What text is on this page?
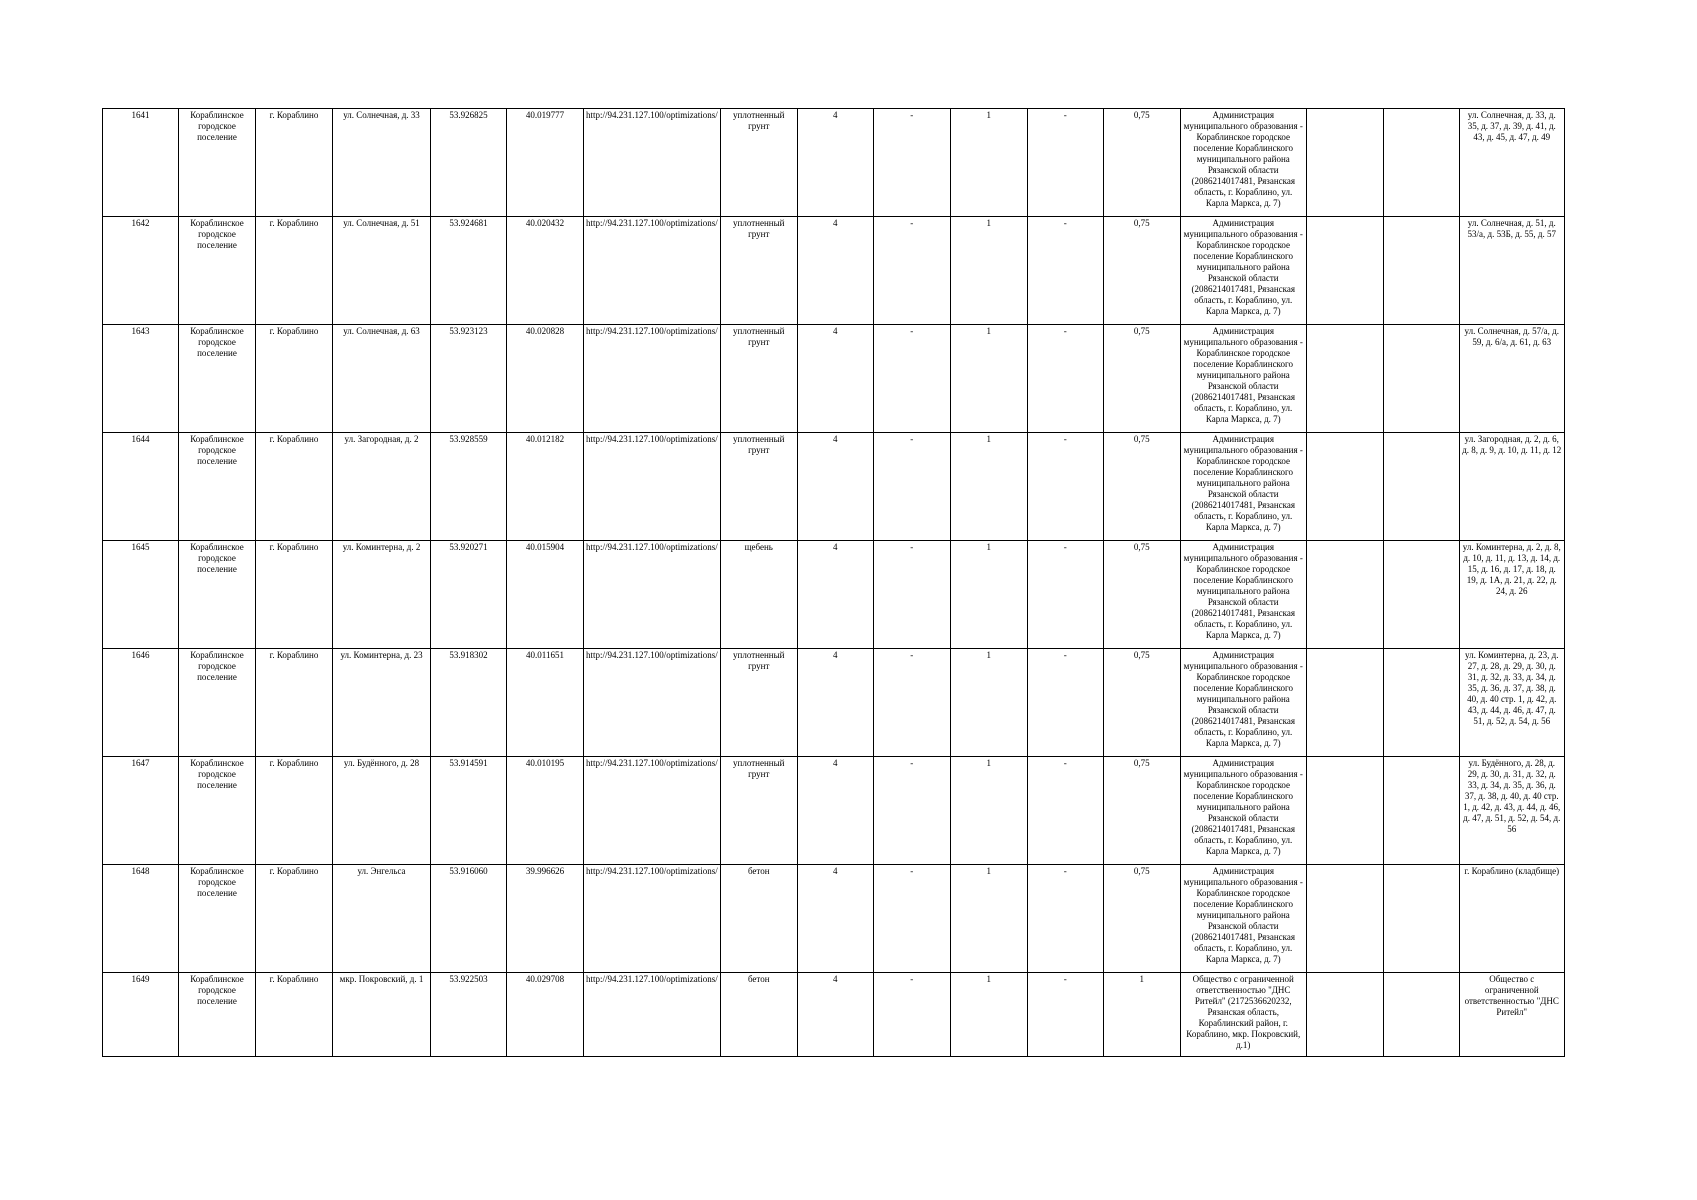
1641	Кораблинское городское поселение	г. Кораблино	ул. Солнечная, д. 33	53.926825	40.019777	http://94.231.127.100/optimizations/	уплотненный грунт	4	-	1	-	0,75	Администрация муниципального образования - Кораблинское городское поселение Кораблинского муниципального района Рязанской области (2086214017481, Рязанская область, г. Кораблино, ул. Карла Маркса, д. 7)			ул. Солнечная, д. 33, д. 35, д. 37, д. 39, д. 41, д. 43, д. 45, д. 47, д. 49
1642	Кораблинское городское поселение	г. Кораблино	ул. Солнечная, д. 51	53.924681	40.020432	http://94.231.127.100/optimizations/	уплотненный грунт	4	-	1	-	0,75	Администрация муниципального образования - Кораблинское городское поселение Кораблинского муниципального района Рязанской области (2086214017481, Рязанская область, г. Кораблино, ул. Карла Маркса, д. 7)			ул. Солнечная, д. 51, д. 53/а, д. 53Б, д. 55, д. 57
1643	Кораблинское городское поселение	г. Кораблино	ул. Солнечная, д. 63	53.923123	40.020828	http://94.231.127.100/optimizations/	уплотненный грунт	4	-	1	-	0,75	Администрация муниципального образования - Кораблинское городское поселение Кораблинского муниципального района Рязанской области (2086214017481, Рязанская область, г. Кораблино, ул. Карла Маркса, д. 7)			ул. Солнечная, д. 57/а, д. 59, д. 6/а, д. 61, д. 63
1644	Кораблинское городское поселение	г. Кораблино	ул. Загородная, д. 2	53.928559	40.012182	http://94.231.127.100/optimizations/	уплотненный грунт	4	-	1	-	0,75	Администрация муниципального образования - Кораблинское городское поселение Кораблинского муниципального района Рязанской области (2086214017481, Рязанская область, г. Кораблино, ул. Карла Маркса, д. 7)			ул. Загородная, д. 2, д. 6, д. 8, д. 9, д. 10, д. 11, д. 12
1645	Кораблинское городское поселение	г. Кораблино	ул. Коминтерна, д. 2	53.920271	40.015904	http://94.231.127.100/optimizations/	щебень	4	-	1	-	0,75	Администрация муниципального образования - Кораблинское городское поселение Кораблинского муниципального района Рязанской области (2086214017481, Рязанская область, г. Кораблино, ул. Карла Маркса, д. 7)			ул. Коминтерна, д. 2, д. 8, д. 10, д. 11, д. 13, д. 14, д. 15, д. 16, д. 17, д. 18, д. 19, д. 1А, д. 21, д. 22, д. 24, д. 26
1646	Кораблинское городское поселение	г. Кораблино	ул. Коминтерна, д. 23	53.918302	40.011651	http://94.231.127.100/optimizations/	уплотненный грунт	4	-	1	-	0,75	Администрация муниципального образования - Кораблинское городское поселение Кораблинского муниципального района Рязанской области (2086214017481, Рязанская область, г. Кораблино, ул. Карла Маркса, д. 7)			ул. Коминтерна, д. 23, д. 27, д. 28, д. 29, д. 30, д. 31, д. 32, д. 33, д. 34, д. 35, д. 36, д. 37, д. 38, д. 40, д. 40 стр. 1, д. 42, д. 43, д. 44, д. 46, д. 47, д. 51, д. 52, д. 54, д. 56
1647	Кораблинское городское поселение	г. Кораблино	ул. Будённого, д. 28	53.914591	40.010195	http://94.231.127.100/optimizations/	уплотненный грунт	4	-	1	-	0,75	Администрация муниципального образования - Кораблинское городское поселение Кораблинского муниципального района Рязанской области (2086214017481, Рязанская область, г. Кораблино, ул. Карла Маркса, д. 7)			ул. Будённого, д. 28, д. 29, д. 30, д. 31, д. 32, д. 33, д. 34, д. 35, д. 36, д. 37, д. 38, д. 40, д. 40 стр. 1, д. 42, д. 43, д. 44, д. 46, д. 47, д. 51, д. 52, д. 54, д. 56
1648	Кораблинское городское поселение	г. Кораблино	ул. Энгельса	53.916060	39.996626	http://94.231.127.100/optimizations/	бетон	4	-	1	-	0,75	Администрация муниципального образования - Кораблинское городское поселение Кораблинского муниципального района Рязанской области (2086214017481, Рязанская область, г. Кораблино, ул. Карла Маркса, д. 7)			г. Кораблино (кладбище)
1649	Кораблинское городское поселение	г. Кораблино	мкр. Покровский, д. 1	53.922503	40.029708	http://94.231.127.100/optimizations/	бетон	4	-	1	-	1	Общество с ограниченной ответственностью "ДНС Ритейл" (2172536620232, Рязанская область, Кораблинский район, г. Кораблино, мкр. Покровский, д.1)			Общество с ограниченной ответственностью "ДНС Ритейл"
